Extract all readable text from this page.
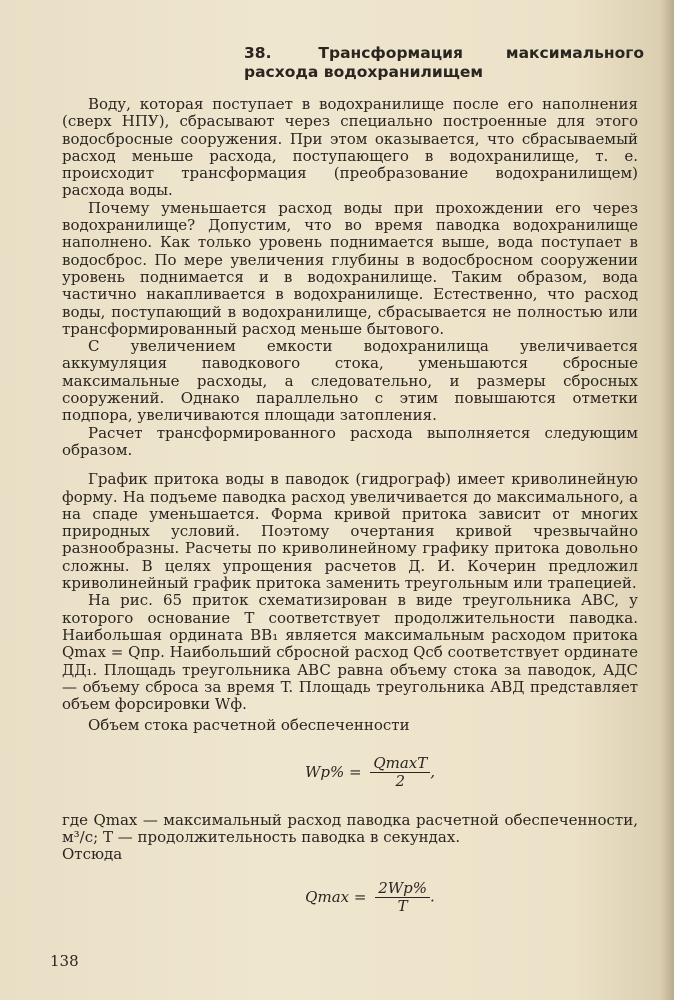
38.	Трансформация максимального расхода водохранилищем

Воду, которая поступает в водохранилище после его наполнения (сверх НПУ), сбрасывают через специально построенные для этого водосбросные сооружения. При этом оказывается, что сбрасываемый расход меньше расхода, поступающего в водохранилище, т. е. происходит трансформация (преобразование водохранилищем) расхода воды.

Почему уменьшается расход воды при прохождении его через водохранилище? Допустим, что во время паводка водохранилище наполнено. Как только уровень поднимается выше, вода поступает в водосброс. По мере увеличения глубины в водосбросном сооружении уровень поднимается и в водохранилище. Таким образом, вода частично накапливается в водохранилище. Естественно, что расход воды, поступающий в водохранилище, сбрасывается не полностью или трансформированный расход меньше бытового.

С увеличением емкости водохранилища увеличивается аккумуляция паводкового стока, уменьшаются сбросные максимальные расходы, а следовательно, и размеры сбросных сооружений. Однако параллельно с этим повышаются отметки подпора, увеличиваются площади затопления.

Расчет трансформированного расхода выполняется следующим образом.

График притока воды в паводок (гидрограф) имеет криволинейную форму. На подъеме паводка расход увеличивается до максимального, а на спаде уменьшается. Форма кривой притока зависит от многих природных условий. Поэтому очертания кривой чрезвычайно разнообразны. Расчеты по криволинейному графику притока довольно сложны. В целях упрощения расчетов Д. И. Кочерин предложил криволинейный график притока заменить треугольным или трапецией.

На рис. 65 приток схематизирован в виде треугольника ABC, у которого основание T соответствует продолжительности паводка. Наибольшая ордината BB₁ является максимальным расходом притока Qmax = Qпр. Наибольший сбросной расход Qсб соответствует ординате ДД₁. Площадь треугольника ABC равна объему стока за паводок, АДС — объему сброса за время T. Площадь треугольника ABД представляет объем форсировки Wф.

Объем стока расчетной обеспеченности

$Wp\% = \frac{QmaxT}{2}$ ,

где Qmax — максимальный расход паводка расчетной обеспеченности, м³/с; T — продолжительность паводка в секундах.

Отсюда

$Qmax = \frac{2Wp\%}{T}$ .
138
